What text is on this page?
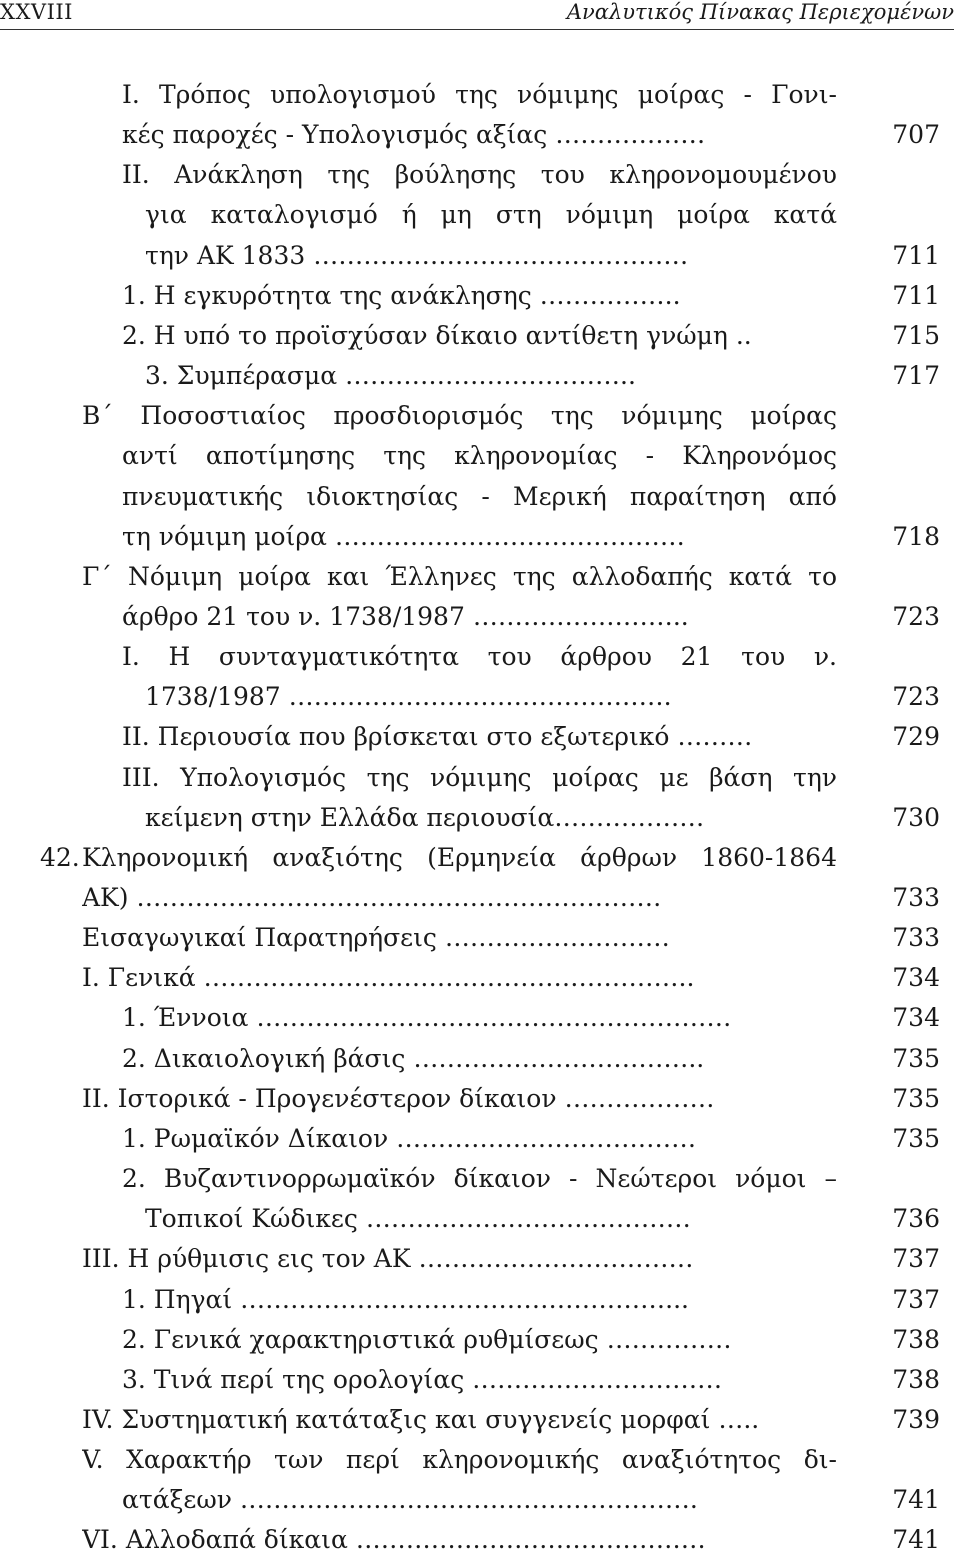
XXVIII	Αναλυτικός Πίνακας Περιεχομένων
I. Τρόπος υπολογισμού της νόμιμης μοίρας - Γονι-
κές παροχές - Υπολογισμός αξίας ………………	707
II. Ανάκληση της βούλησης του κληρονομουμένου
για καταλογισμό ή μη στη νόμιμη μοίρα κατά
την ΑΚ 1833 ………………………………………	711
1. Η εγκυρότητα της ανάκλησης ……………..	711
2. Η υπό το προϊσχύσαν δίκαιο αντίθετη γνώμη ..	715
3. Συμπέρασμα ……………………………..	717
Β΄ Ποσοστιαίος προσδιορισμός της νόμιμης μοίρας
αντί αποτίμησης της κληρονομίας - Κληρονόμος
πνευματικής ιδιοκτησίας - Μερική παραίτηση από
τη νόμιμη μοίρα ……………………………………	718
Γ΄ Νόμιμη μοίρα και Έλληνες της αλλοδαπής κατά το
άρθρο 21 του ν. 1738/1987 ……………………..	723
I. Η συνταγματικότητα του άρθρου 21 του ν.
1738/1987 ……………………………………….	723
II. Περιουσία που βρίσκεται στο εξωτερικό ………	729
III. Υπολογισμός της νόμιμης μοίρας με βάση την
κείμενη στην Ελλάδα περιουσία………………	730
42. Κληρονομική αναξιότης (Ερμηνεία άρθρων 1860-1864
ΑΚ) ………………………………………………………	733
Εισαγωγικαί Παρατηρήσεις ………………………	733
I. Γενικά …………………………………………………..	734
1. Έννοια …………………………………………………	734
2. Δικαιολογική βάσις ……………………………..	735
II. Ιστορικά - Προγενέστερον δίκαιον ………………	735
1. Ρωμαϊκόν Δίκαιον ………………………………	735
2. Βυζαντινορρωμαϊκόν δίκαιον - Νεώτεροι νόμοι –
Τοπικοί Κώδικες …………………………………	736
III. Η ρύθμισις εις τον ΑΚ ……………………………	737
1. Πηγαί ……………………………………………...	737
2. Γενικά χαρακτηριστικά ρυθμίσεως ……………	738
3. Τινά περί της ορολογίας …………………………	738
IV. Συστηματική κατάταξις και συγγενείς μορφαί …..	739
V. Χαρακτήρ των περί κληρονομικής αναξιότητος δι-
ατάξεων ……………………………………………….	741
VI. Αλλοδαπά δίκαια ……………………………………	741
